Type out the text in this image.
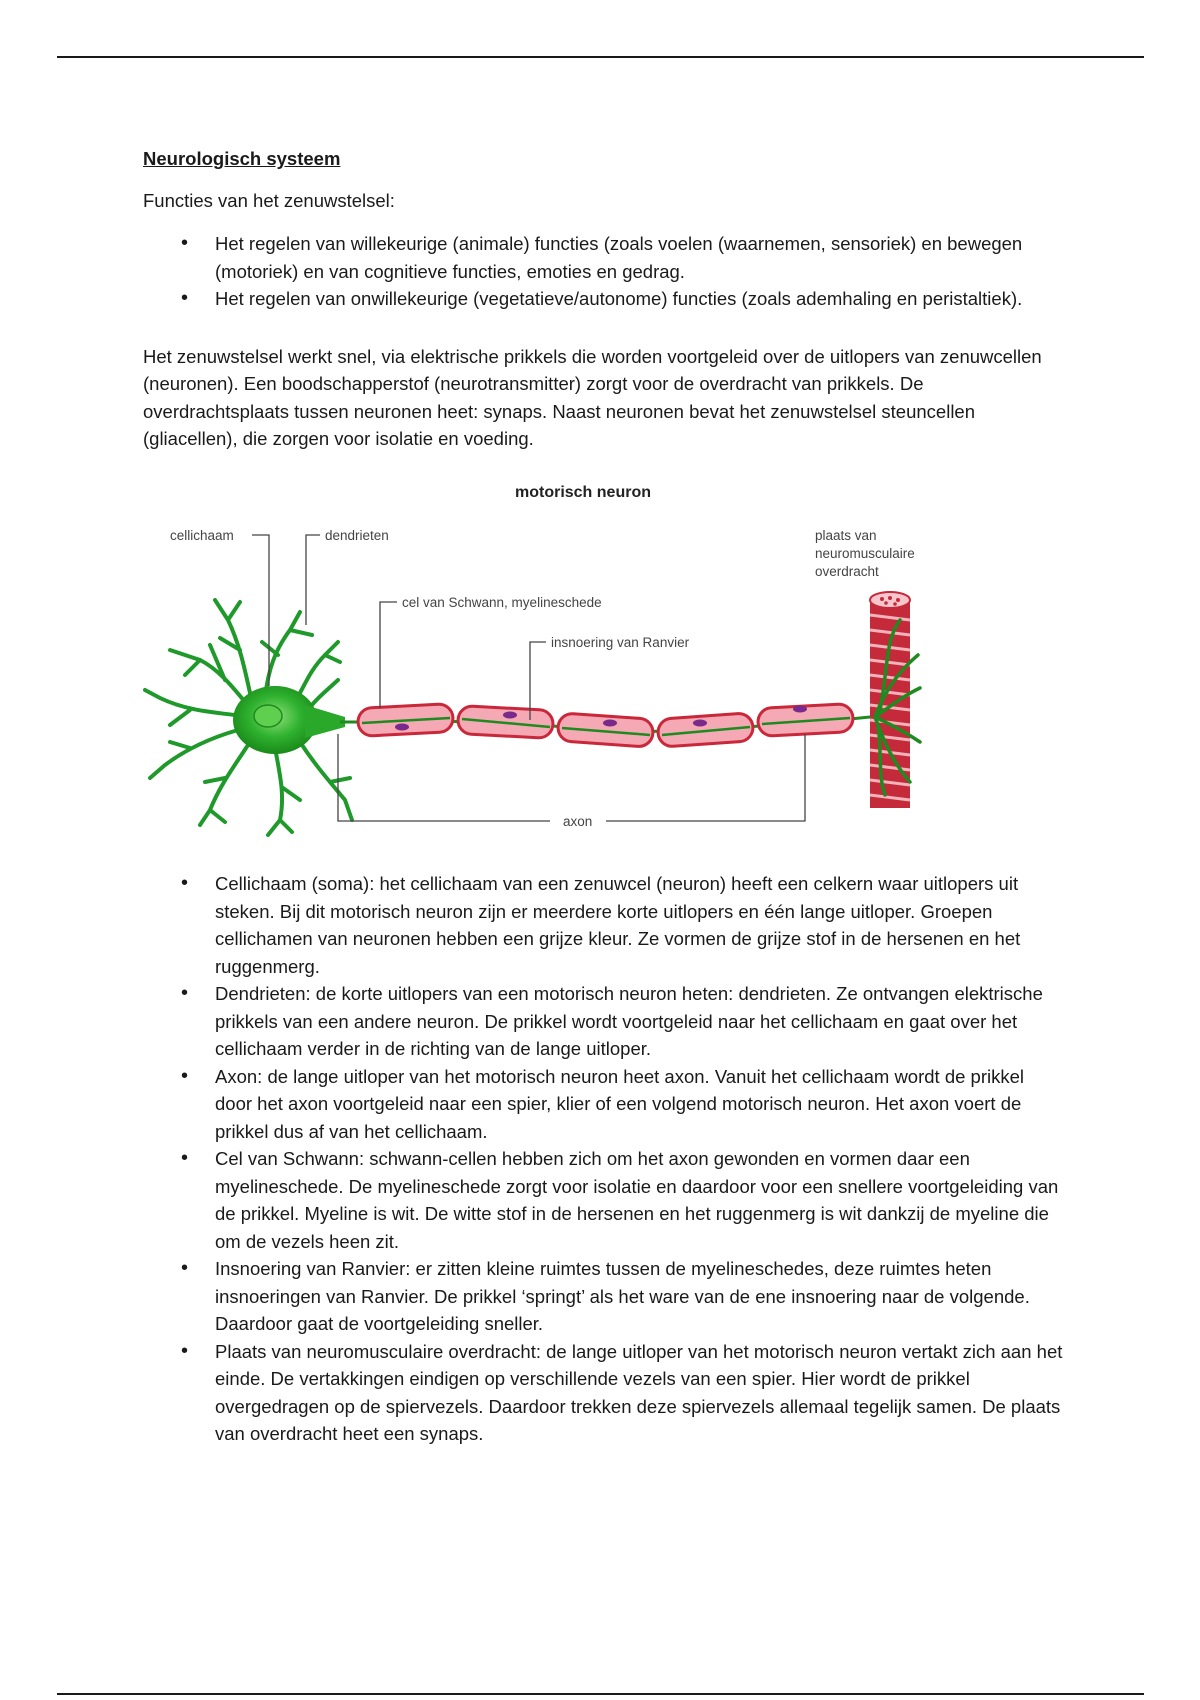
Neurologisch systeem

Functies van het zenuwstelsel:

• Het regelen van willekeurige (animale) functies (zoals voelen (waarnemen, sensoriek) en bewegen (motoriek) en van cognitieve functies, emoties en gedrag.
• Het regelen van onwillekeurige (vegetatieve/autonome) functies (zoals ademhaling en peristaltiek).

Het zenuwstelsel werkt snel, via elektrische prikkels die worden voortgeleid over de uitlopers van zenuwcellen (neuronen). Een boodschapperstof (neurotransmitter) zorgt voor de overdracht van prikkels. De overdrachtsplaats tussen neuronen heet: synaps. Naast neuronen bevat het zenuwstelsel steuncellen (gliacellen), die zorgen voor isolatie en voeding.

motorisch neuron
cellichaam	dendrieten
cel van Schwann, myelineschede
insnoering van Ranvier
plaats van
neuromusculaire
overdracht
axon
• Cellichaam (soma): het cellichaam van een zenuwcel (neuron) heeft een celkern waar uitlopers uit steken. Bij dit motorisch neuron zijn er meerdere korte uitlopers en één lange uitloper. Groepen cellichamen van neuronen hebben een grijze kleur. Ze vormen de grijze stof in de hersenen en het ruggenmerg.
• Dendrieten: de korte uitlopers van een motorisch neuron heten: dendrieten. Ze ontvangen elektrische prikkels van een andere neuron. De prikkel wordt voortgeleid naar het cellichaam en gaat over het cellichaam verder in de richting van de lange uitloper.
• Axon: de lange uitloper van het motorisch neuron heet axon. Vanuit het cellichaam wordt de prikkel door het axon voortgeleid naar een spier, klier of een volgend motorisch neuron. Het axon voert de prikkel dus af van het cellichaam.
• Cel van Schwann: schwann-cellen hebben zich om het axon gewonden en vormen daar een myelineschede. De myelineschede zorgt voor isolatie en daardoor voor een snellere voortgeleiding van de prikkel. Myeline is wit. De witte stof in de hersenen en het ruggenmerg is wit dankzij de myeline die om de vezels heen zit.
• Insnoering van Ranvier: er zitten kleine ruimtes tussen de myelineschedes, deze ruimtes heten insnoeringen van Ranvier. De prikkel ‘springt’ als het ware van de ene insnoering naar de volgende. Daardoor gaat de voortgeleiding sneller.
• Plaats van neuromusculaire overdracht: de lange uitloper van het motorisch neuron vertakt zich aan het einde. De vertakkingen eindigen op verschillende vezels van een spier. Hier wordt de prikkel overgedragen op de spiervezels. Daardoor trekken deze spiervezels allemaal tegelijk samen. De plaats van overdracht heet een synaps.
